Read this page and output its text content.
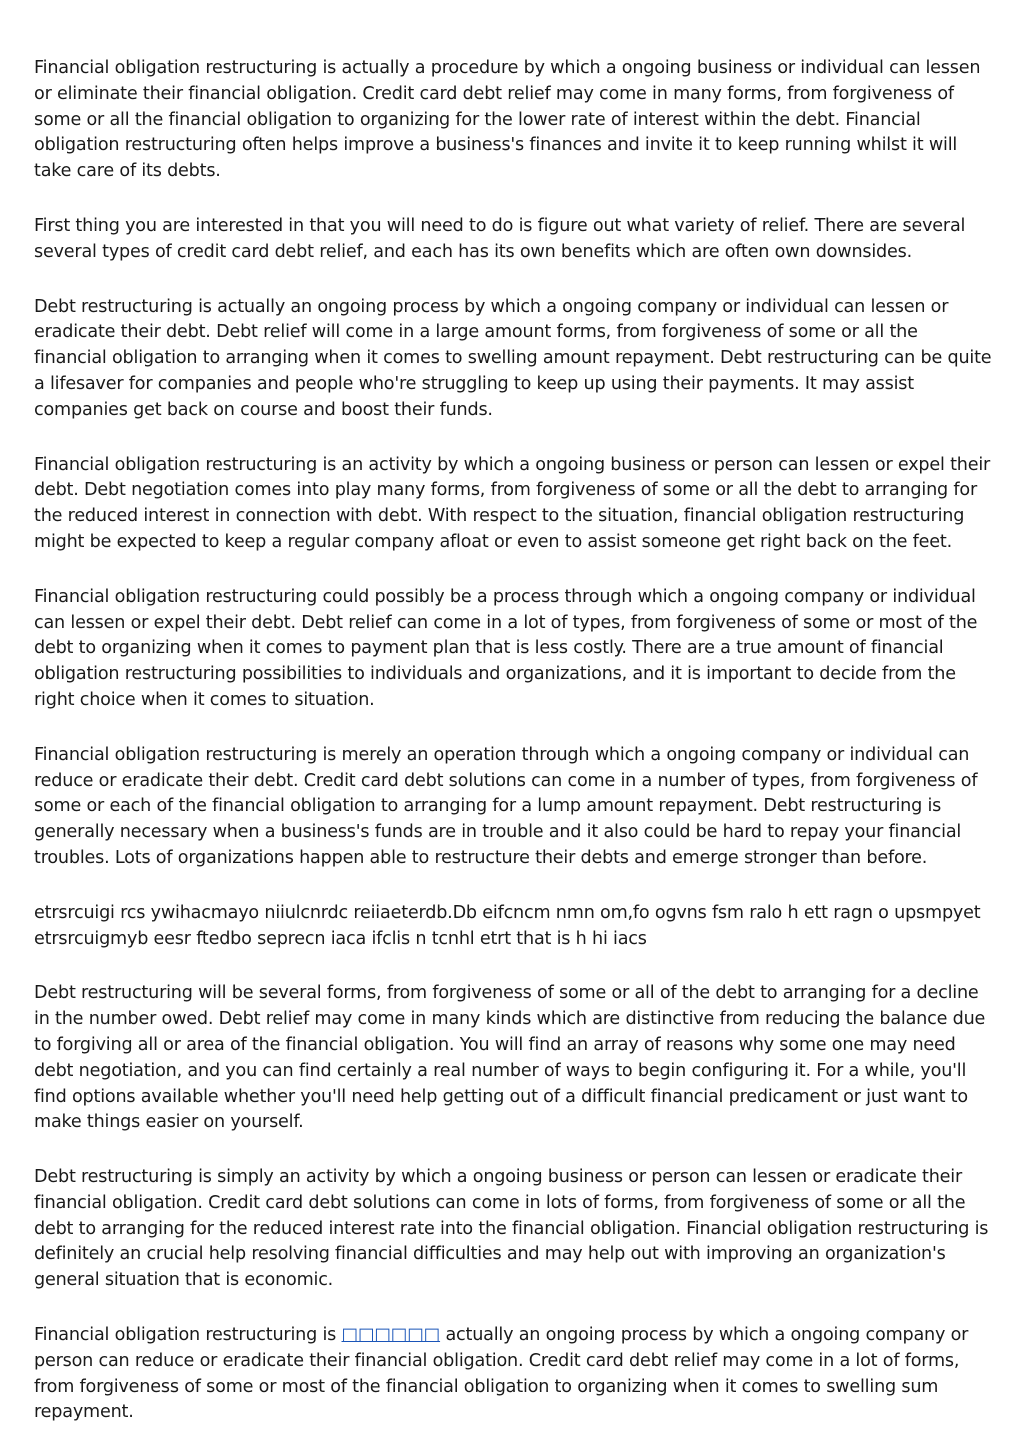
Financial obligation restructuring is actually a procedure by which a ongoing business or individual can lessen or eliminate their financial obligation. Credit card debt relief may come in many forms, from forgiveness of some or all the financial obligation to organizing for the lower rate of interest within the debt. Financial obligation restructuring often helps improve a business's finances and invite it to keep running whilst it will take care of its debts.

First thing you are interested in that you will need to do is figure out what variety of relief. There are several several types of credit card debt relief, and each has its own benefits which are often own downsides.

Debt restructuring is actually an ongoing process by which a ongoing company or individual can lessen or eradicate their debt. Debt relief will come in a large amount forms, from forgiveness of some or all the financial obligation to arranging when it comes to swelling amount repayment. Debt restructuring can be quite a lifesaver for companies and people who're struggling to keep up using their payments. It may assist companies get back on course and boost their funds.

Financial obligation restructuring is an activity by which a ongoing business or person can lessen or expel their debt. Debt negotiation comes into play many forms, from forgiveness of some or all the debt to arranging for the reduced interest in connection with debt. With respect to the situation, financial obligation restructuring might be expected to keep a regular company afloat or even to assist someone get right back on the feet.

Financial obligation restructuring could possibly be a process through which a ongoing company or individual can lessen or expel their debt. Debt relief can come in a lot of types, from forgiveness of some or most of the debt to organizing when it comes to payment plan that is less costly. There are a true amount of financial obligation restructuring possibilities to individuals and organizations, and it is important to decide from the right choice when it comes to situation.

Financial obligation restructuring is merely an operation through which a ongoing company or individual can reduce or eradicate their debt. Credit card debt solutions can come in a number of types, from forgiveness of some or each of the financial obligation to arranging for a lump amount repayment. Debt restructuring is generally necessary when a business's funds are in trouble and it also could be hard to repay your financial troubles. Lots of organizations happen able to restructure their debts and emerge stronger than before.

etrsrcuigi rcs ywihacmayo niiulcnrdc reiiaeterdb.Db eifcncm nmn om,fo ogvns fsm ralo h ett ragn o upsmpyet etrsrcuigmyb eesr ftedbo seprecn iaca ifclis n tcnhl etrt that is h hi iacs

Debt restructuring will be several forms, from forgiveness of some or all of the debt to arranging for a decline in the number owed. Debt relief may come in many kinds which are distinctive from reducing the balance due to forgiving all or area of the financial obligation. You will find an array of reasons why some one may need debt negotiation, and you can find certainly a real number of ways to begin configuring it. For a while, you'll find options available whether you'll need help getting out of a difficult financial predicament or just want to make things easier on yourself.

Debt restructuring is simply an activity by which a ongoing business or person can lessen or eradicate their financial obligation. Credit card debt solutions can come in lots of forms, from forgiveness of some or all the debt to arranging for the reduced interest rate into the financial obligation. Financial obligation restructuring is definitely an crucial help resolving financial difficulties and may help out with improving an organization's general situation that is economic.

Financial obligation restructuring is □□□□□□ actually an ongoing process by which a ongoing company or person can reduce or eradicate their financial obligation. Credit card debt relief may come in a lot of forms, from forgiveness of some or most of the financial obligation to organizing when it comes to swelling sum repayment.
